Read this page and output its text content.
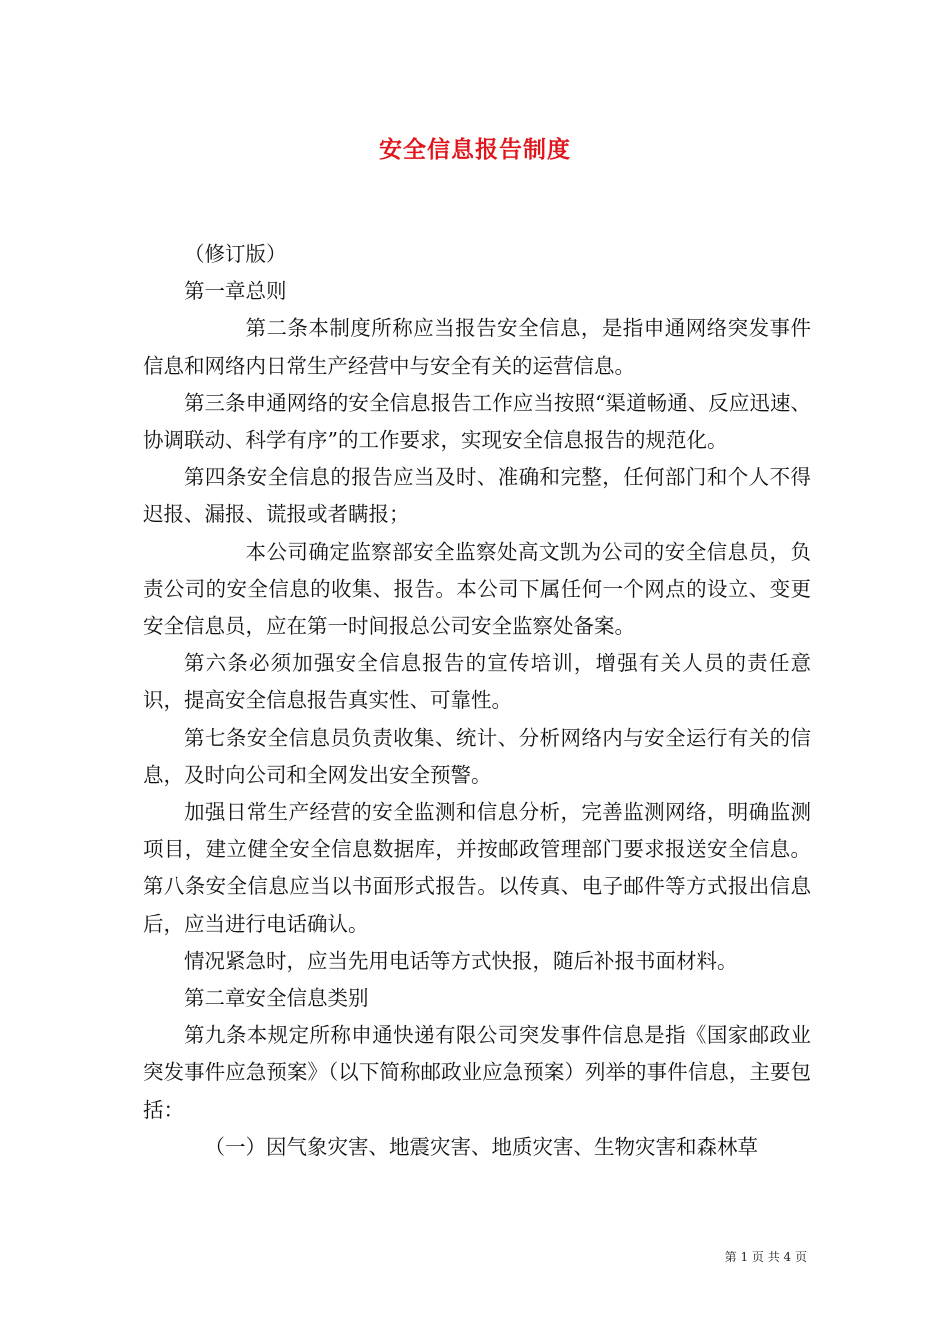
安全信息报告制度

（修订版）

第一章总则

第二条本制度所称应当报告安全信息，是指申通网络突发事件信息和网络内日常生产经营中与安全有关的运营信息。

第三条申通网络的安全信息报告工作应当按照“渠道畅通、反应迅速、协调联动、科学有序”的工作要求，实现安全信息报告的规范化。

第四条安全信息的报告应当及时、准确和完整，任何部门和个人不得迟报、漏报、谎报或者瞒报；

本公司确定监察部安全监察处高文凯为公司的安全信息员，负责公司的安全信息的收集、报告。本公司下属任何一个网点的设立、变更安全信息员，应在第一时间报总公司安全监察处备案。

第六条必须加强安全信息报告的宣传培训，增强有关人员的责任意识，提高安全信息报告真实性、可靠性。

第七条安全信息员负责收集、统计、分析网络内与安全运行有关的信息，及时向公司和全网发出安全预警。

加强日常生产经营的安全监测和信息分析，完善监测网络，明确监测项目，建立健全安全信息数据库，并按邮政管理部门要求报送安全信息。第八条安全信息应当以书面形式报告。以传真、电子邮件等方式报出信息后，应当进行电话确认。

情况紧急时，应当先用电话等方式快报，随后补报书面材料。

第二章安全信息类别

第九条本规定所称申通快递有限公司突发事件信息是指《国家邮政业突发事件应急预案》（以下简称邮政业应急预案）列举的事件信息，主要包括：

（一）因气象灾害、地震灾害、地质灾害、生物灾害和森林草

第 1 页 共 4 页
